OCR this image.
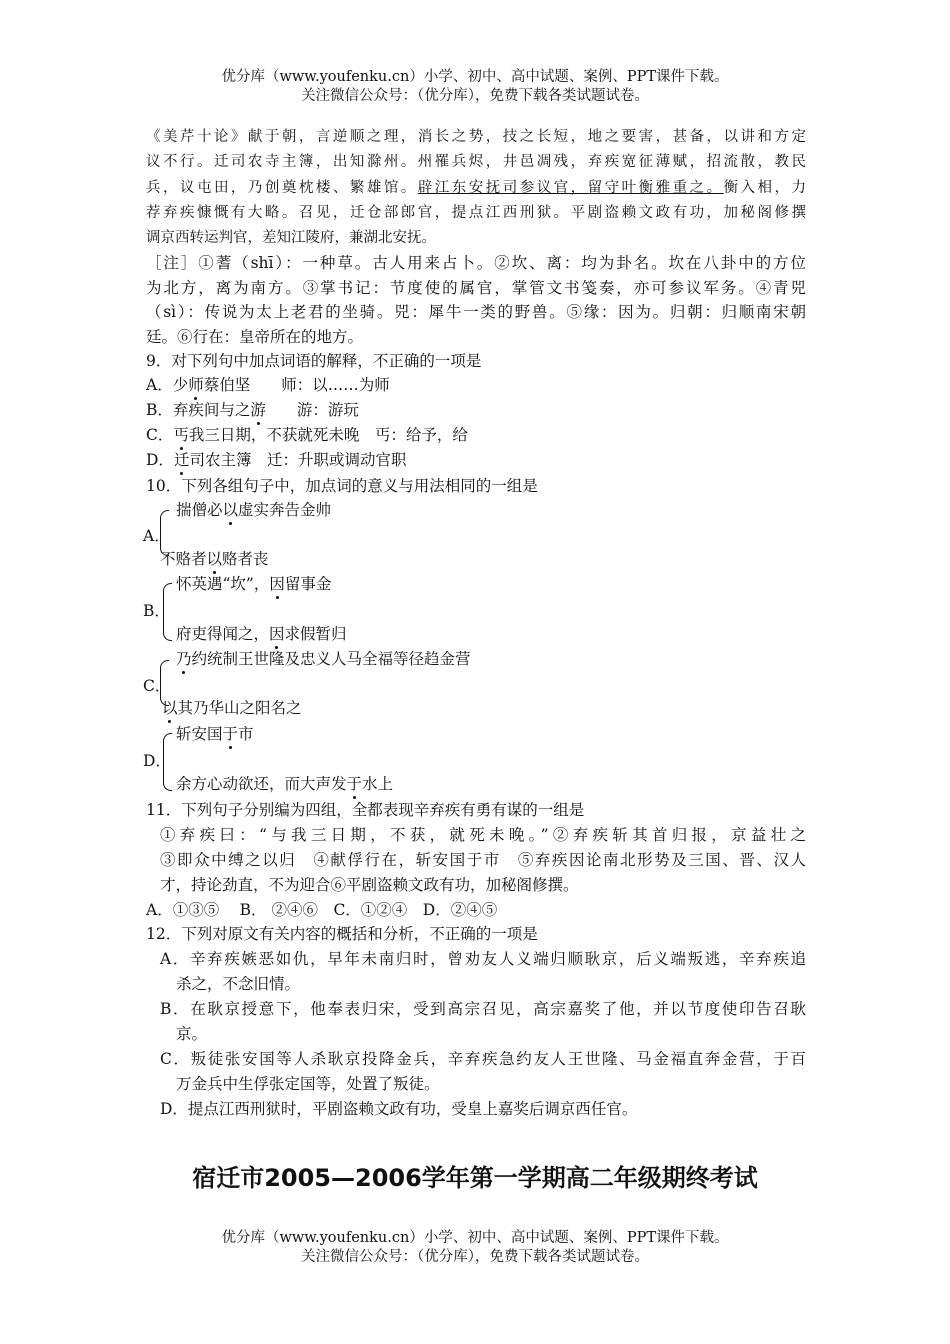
优分库（www.youfenku.cn）小学、初中、高中试题、案例、PPT课件下载。
关注微信公众号：（优分库），免费下载各类试题试卷。
《美芹十论》献于朝，言逆顺之理，消长之势，技之长短，地之要害，甚备，以讲和方定
议不行。迁司农寺主簿，出知滁州。州罹兵烬，井邑凋残，弃疾宽征薄赋，招流散，教民
兵，议屯田，乃创奠枕楼、繁雄馆。辟江东安抚司参议官，留守叶衡雅重之。衡入相，力
荐弃疾慷慨有大略。召见，迁仓部郎官，提点江西刑狱。平剧盗赖文政有功，加秘阁修撰
调京西转运判官，差知江陵府，兼湖北安抚。
［注］①蓍（shī）：一种草。古人用来占卜。②坎、离：均为卦名。坎在八卦中的方位
为北方，离为南方。③掌书记：节度使的属官，掌管文书笺奏，亦可参议军务。④青兕
（sì）：传说为太上老君的坐骑。兕：犀牛一类的野兽。⑤缘：因为。归朝：归顺南宋朝
廷。⑥行在：皇帝所在的地方。
9．对下列句中加点词语的解释，不正确的一项是
A．少师蔡伯坚　　师：以……为师
B．弃疾间与之游　　游：游玩
C．丐我三日期，不获就死未晚　丐：给予，给
D．迁司农主簿　迁：升职或调动官职
10．下列各组句子中，加点词的意义与用法相同的一组是
A．
揣僧必以虚实奔告金帅
不赂者以赂者丧
B．
怀英遇“坎”，因留事金
府吏得闻之，因求假暂归
C．
乃约统制王世隆及忠义人马全福等径趋金营
以其乃华山之阳名之
D．
斩安国于市
余方心动欲还，而大声发于水上
11．下列句子分别编为四组，全都表现辛弃疾有勇有谋的一组是
①弃疾曰：“与我三日期，不获，就死未晚。”②弃疾斩其首归报，京益壮之
③即众中缚之以归　④献俘行在，斩安国于市　⑤弃疾因论南北形势及三国、晋、汉人
才，持论劲直，不为迎合⑥平剧盗赖文政有功，加秘阁修撰。
A．①③⑤　 B． ②④⑥　C．①②④　D．②④⑤
12．下列对原文有关内容的概括和分析，不正确的一项是
A．辛弃疾嫉恶如仇，早年未南归时，曾劝友人义端归顺耿京，后义端叛逃，辛弃疾追
杀之，不念旧情。
B．在耿京授意下，他奉表归宋，受到高宗召见，高宗嘉奖了他，并以节度使印告召耿
京。
C．叛徒张安国等人杀耿京投降金兵，辛弃疾急约友人王世隆、马金福直奔金营，于百
万金兵中生俘张定国等，处置了叛徒。
D．提点江西刑狱时，平剧盗赖文政有功，受皇上嘉奖后调京西任官。
宿迁市2005—2006学年第一学期高二年级期终考试
优分库（www.youfenku.cn）小学、初中、高中试题、案例、PPT课件下载。
关注微信公众号：（优分库），免费下载各类试题试卷。
